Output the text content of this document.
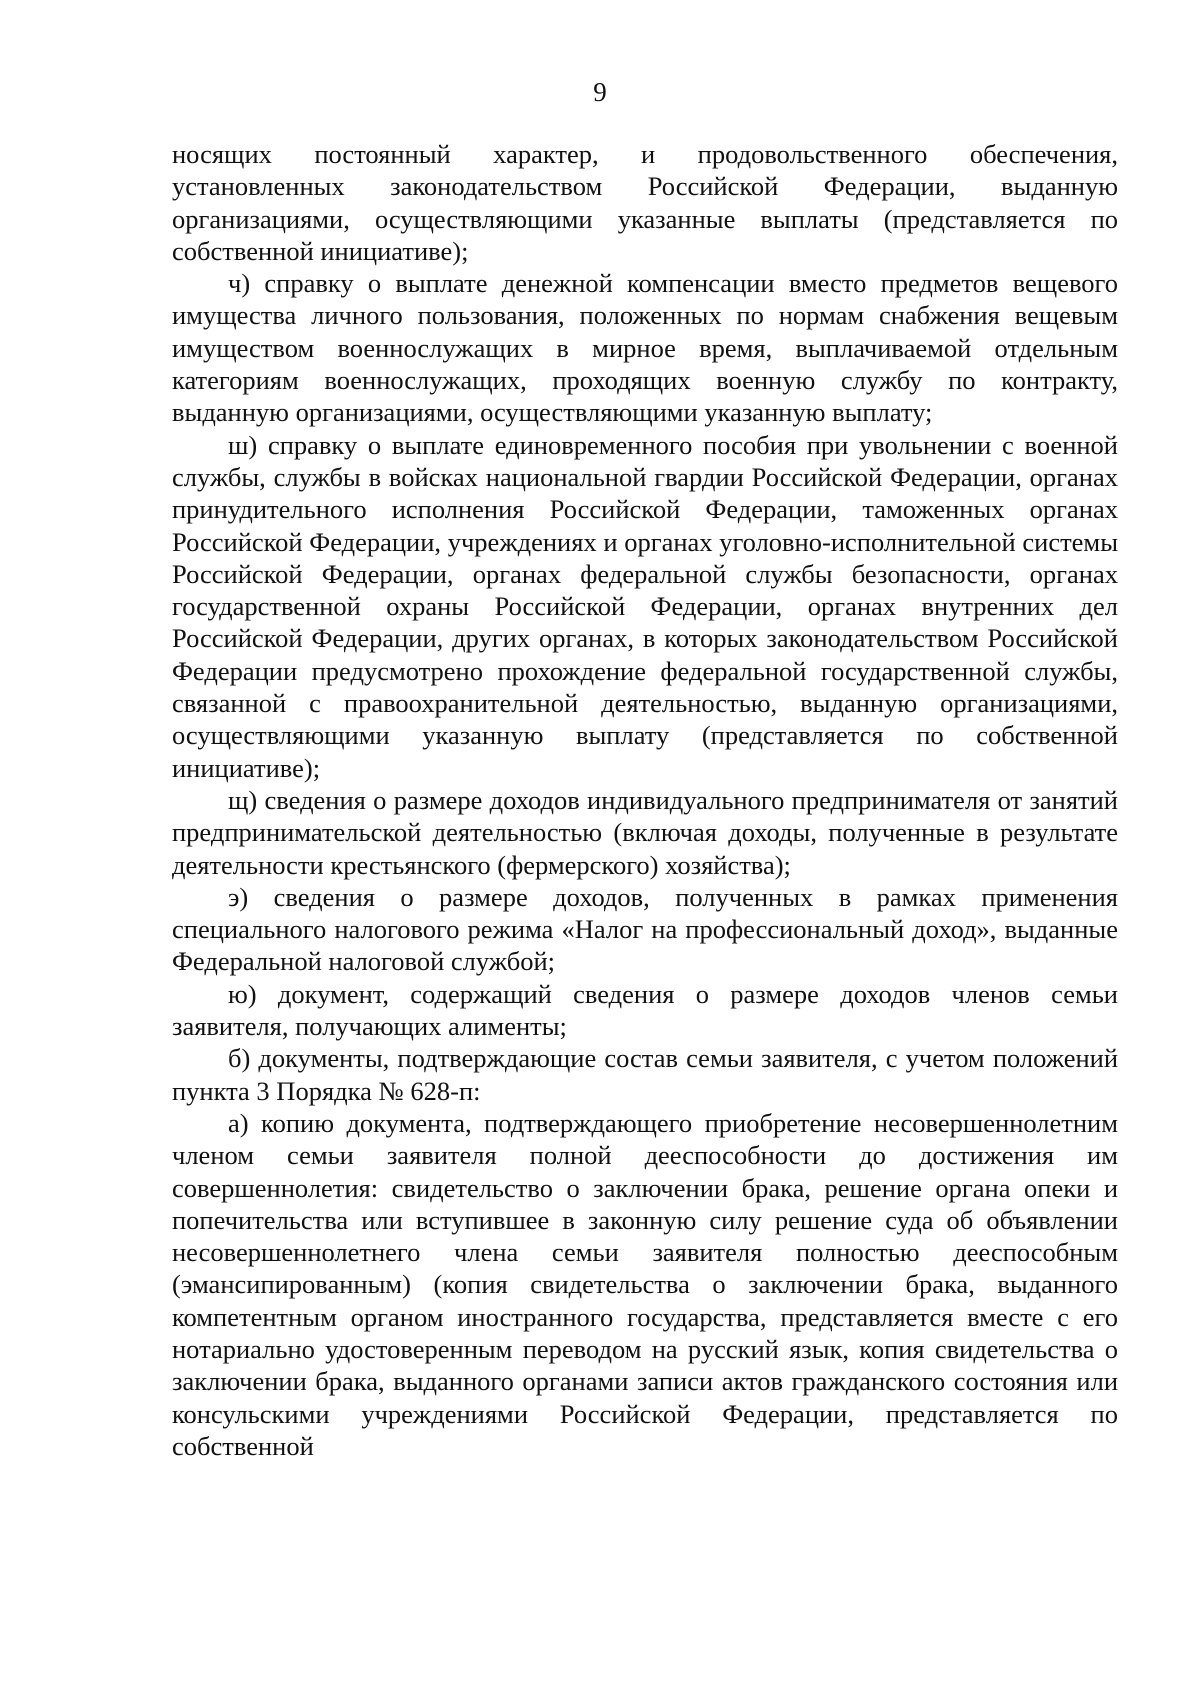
9

носящих постоянный характер, и продовольственного обеспечения, установленных законодательством Российской Федерации, выданную организациями, осуществляющими указанные выплаты (представляется по собственной инициативе);

ч) справку о выплате денежной компенсации вместо предметов вещевого имущества личного пользования, положенных по нормам снабжения вещевым имуществом военнослужащих в мирное время, выплачиваемой отдельным категориям военнослужащих, проходящих военную службу по контракту, выданную организациями, осуществляющими указанную выплату;

ш) справку о выплате единовременного пособия при увольнении с военной службы, службы в войсках национальной гвардии Российской Федерации, органах принудительного исполнения Российской Федерации, таможенных органах Российской Федерации, учреждениях и органах уголовно-исполнительной системы Российской Федерации, органах федеральной службы безопасности, органах государственной охраны Российской Федерации, органах внутренних дел Российской Федерации, других органах, в которых законодательством Российской Федерации предусмотрено прохождение федеральной государственной службы, связанной с правоохранительной деятельностью, выданную организациями, осуществляющими указанную выплату (представляется по собственной инициативе);

щ) сведения о размере доходов индивидуального предпринимателя от занятий предпринимательской деятельностью (включая доходы, полученные в результате деятельности крестьянского (фермерского) хозяйства);

э) сведения о размере доходов, полученных в рамках применения специального налогового режима «Налог на профессиональный доход», выданные Федеральной налоговой службой;

ю) документ, содержащий сведения о размере доходов членов семьи заявителя, получающих алименты;

б) документы, подтверждающие состав семьи заявителя, с учетом положений пункта 3 Порядка № 628-п:

а) копию документа, подтверждающего приобретение несовершеннолетним членом семьи заявителя полной дееспособности до достижения им совершеннолетия: свидетельство о заключении брака, решение органа опеки и попечительства или вступившее в законную силу решение суда об объявлении несовершеннолетнего члена семьи заявителя полностью дееспособным (эмансипированным) (копия свидетельства о заключении брака, выданного компетентным органом иностранного государства, представляется вместе с его нотариально удостоверенным переводом на русский язык, копия свидетельства о заключении брака, выданного органами записи актов гражданского состояния или консульскими учреждениями Российской Федерации, представляется по собственной
